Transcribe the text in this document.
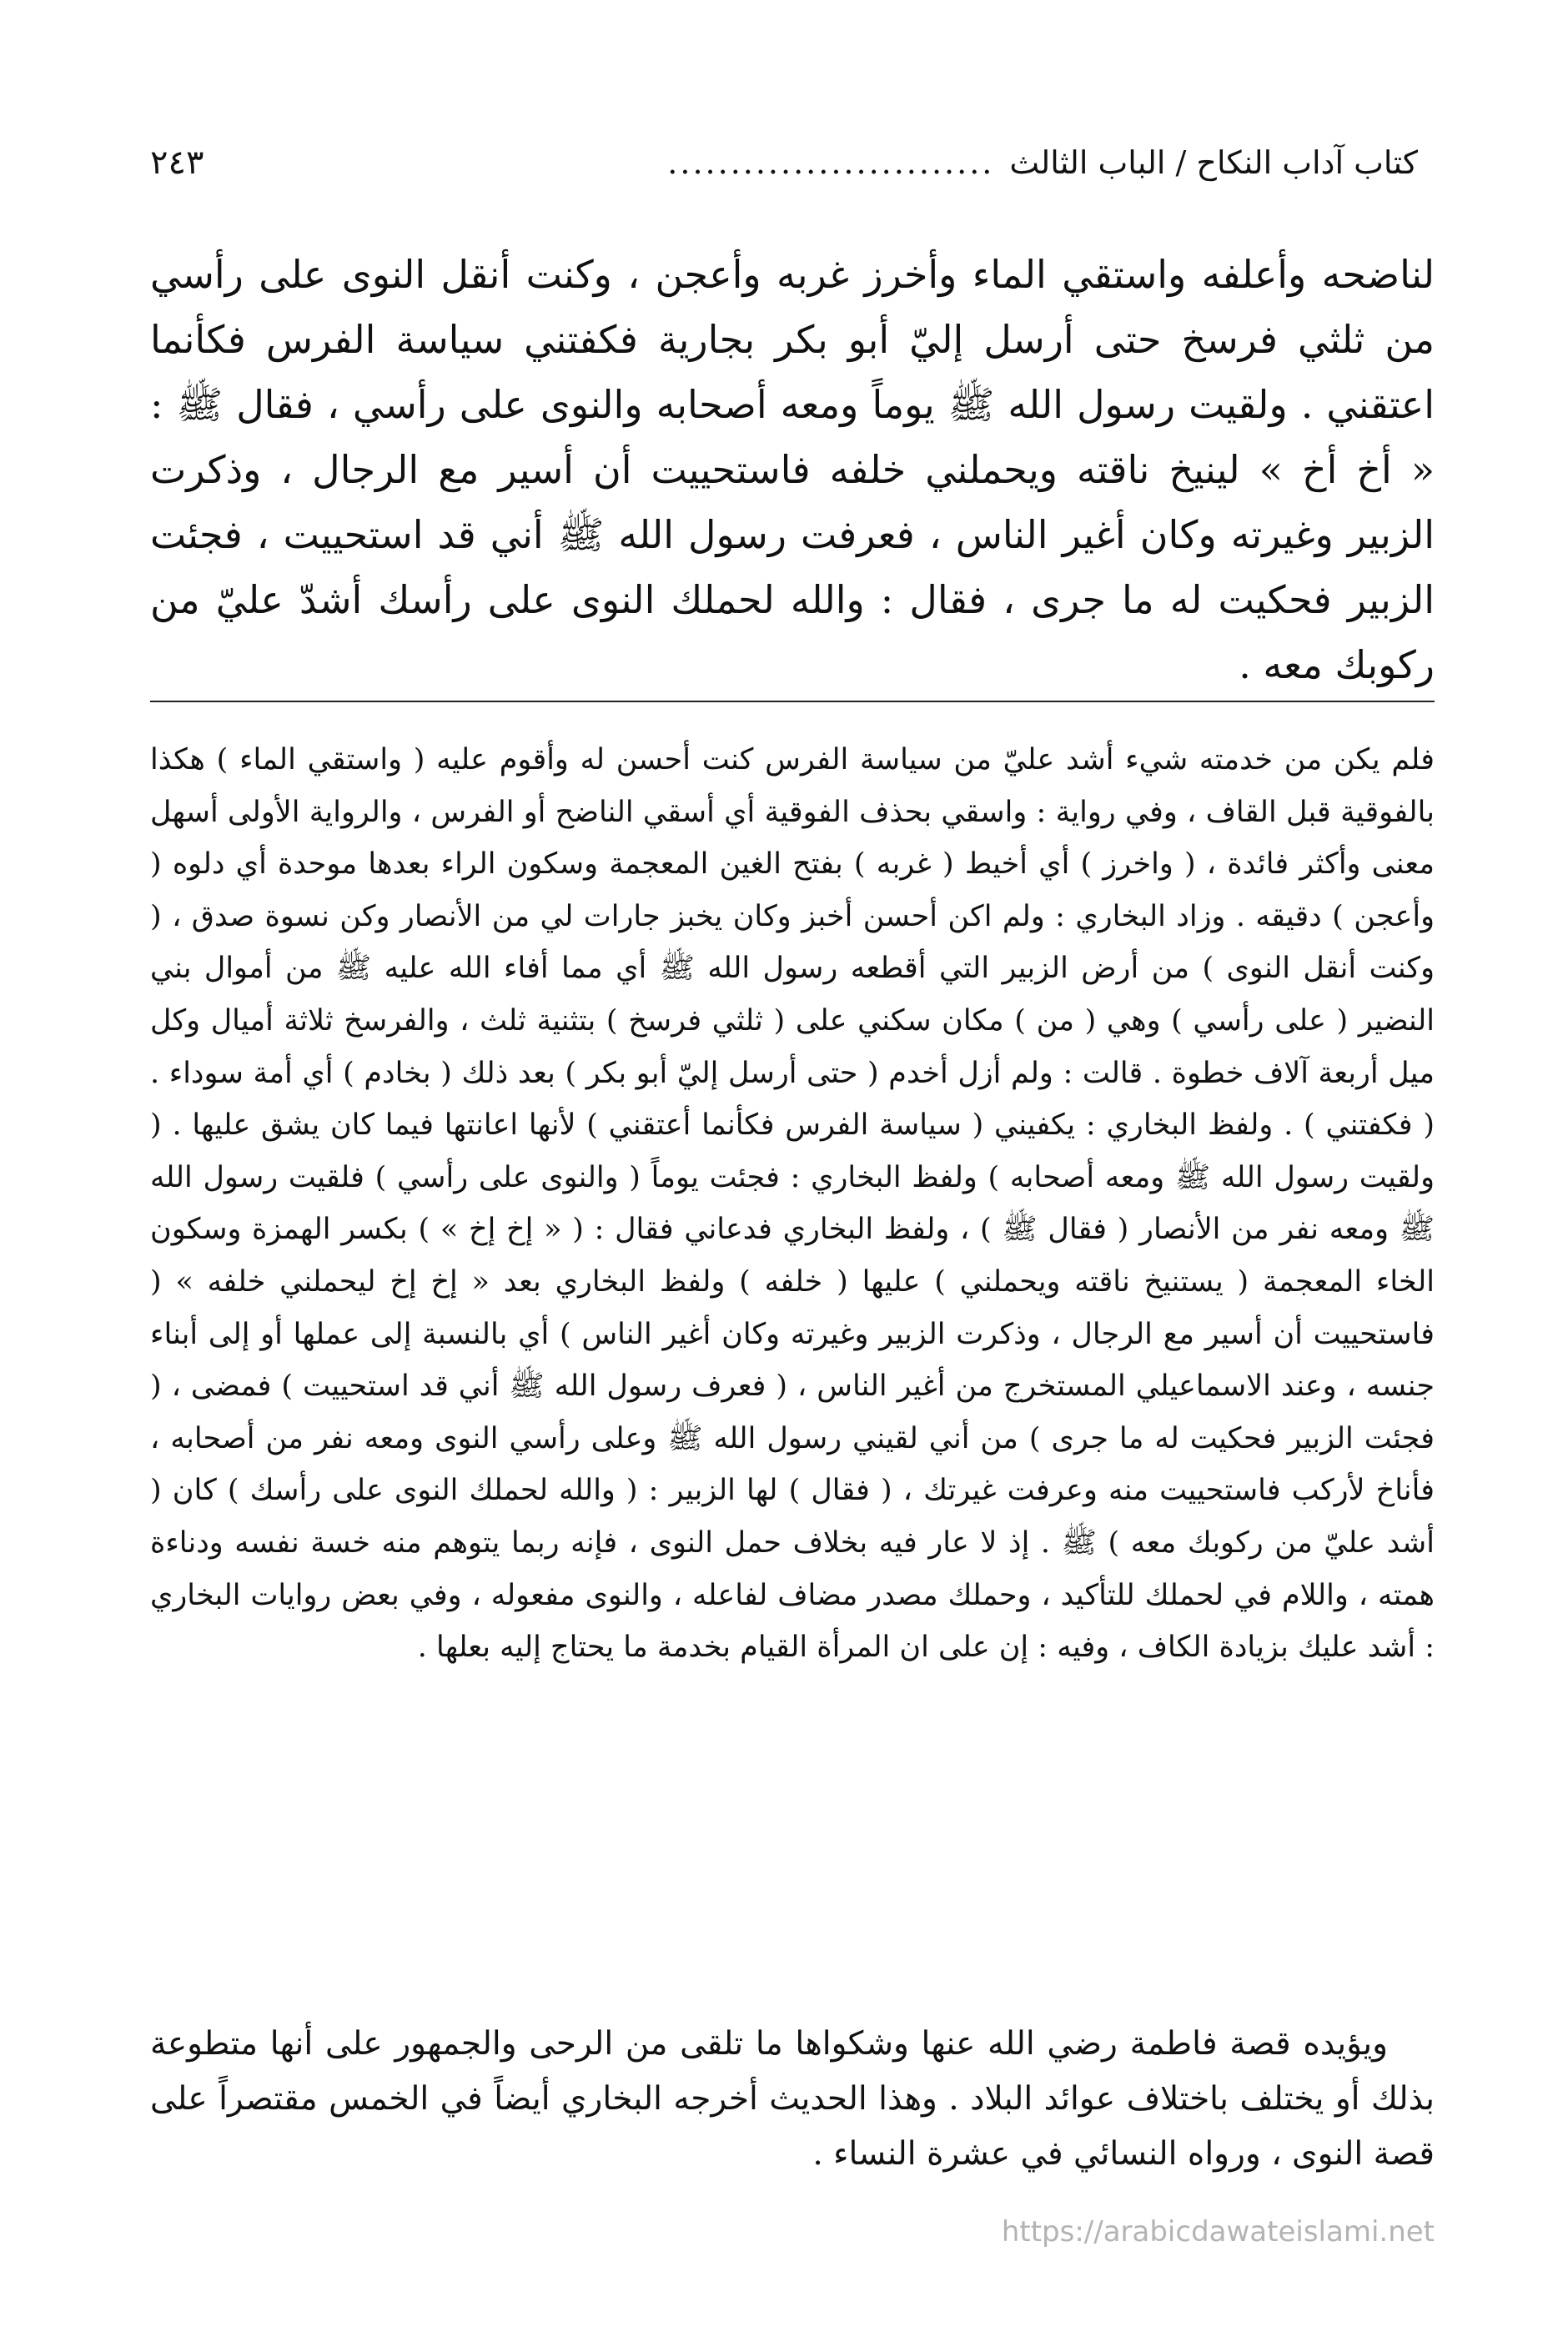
كتاب آداب النكاح / الباب الثالث
..........................
٢٤٣

لناضحه وأعلفه واستقي الماء وأخرز غربه وأعجن ، وكنت أنقل النوى على رأسي من ثلثي فرسخ حتى أرسل إليّ أبو بكر بجارية فكفتني سياسة الفرس فكأنما اعتقني . ولقيت رسول الله ﷺ يوماً ومعه أصحابه والنوى على رأسي ، فقال ﷺ : « أخ أخ » لينيخ ناقته ويحملني خلفه فاستحييت أن أسير مع الرجال ، وذكرت الزبير وغيرته وكان أغير الناس ، فعرفت رسول الله ﷺ أني قد استحييت ، فجئت الزبير فحكيت له ما جرى ، فقال : والله لحملك النوى على رأسك أشدّ عليّ من ركوبك معه .

فلم يكن من خدمته شيء أشد عليّ من سياسة الفرس كنت أحسن له وأقوم عليه ( واستقي الماء ) هكذا بالفوقية قبل القاف ، وفي رواية : واسقي بحذف الفوقية أي أسقي الناضح أو الفرس ، والرواية الأولى أسهل معنى وأكثر فائدة ، ( واخرز ) أي أخيط ( غربه ) بفتح الغين المعجمة وسكون الراء بعدها موحدة أي دلوه ( وأعجن ) دقيقه . وزاد البخاري : ولم اكن أحسن أخبز وكان يخبز جارات لي من الأنصار وكن نسوة صدق ، ( وكنت أنقل النوى ) من أرض الزبير التي أقطعه رسول الله ﷺ أي مما أفاء الله عليه ﷺ من أموال بني النضير ( على رأسي ) وهي ( من ) مكان سكني على ( ثلثي فرسخ ) بتثنية ثلث ، والفرسخ ثلاثة أميال وكل ميل أربعة آلاف خطوة . قالت : ولم أزل أخدم ( حتى أرسل إليّ أبو بكر ) بعد ذلك ( بخادم ) أي أمة سوداء . ( فكفتني ) . ولفظ البخاري : يكفيني ( سياسة الفرس فكأنما أعتقني ) لأنها اعانتها فيما كان يشق عليها . ( ولقيت رسول الله ﷺ ومعه أصحابه ) ولفظ البخاري : فجئت يوماً ( والنوى على رأسي ) فلقيت رسول الله ﷺ ومعه نفر من الأنصار ( فقال ﷺ ) ، ولفظ البخاري فدعاني فقال : ( « إخ إخ » ) بكسر الهمزة وسكون الخاء المعجمة ( يستنيخ ناقته ويحملني ) عليها ( خلفه ) ولفظ البخاري بعد « إخ إخ ليحملني خلفه » ( فاستحييت أن أسير مع الرجال ، وذكرت الزبير وغيرته وكان أغير الناس ) أي بالنسبة إلى عملها أو إلى أبناء جنسه ، وعند الاسماعيلي المستخرج من أغير الناس ، ( فعرف رسول الله ﷺ أني قد استحييت ) فمضى ، ( فجئت الزبير فحكيت له ما جرى ) من أني لقيني رسول الله ﷺ وعلى رأسي النوى ومعه نفر من أصحابه ، فأناخ لأركب فاستحييت منه وعرفت غيرتك ، ( فقال ) لها الزبير : ( والله لحملك النوى على رأسك ) كان ( أشد عليّ من ركوبك معه ) ﷺ . إذ لا عار فيه بخلاف حمل النوى ، فإنه ربما يتوهم منه خسة نفسه ودناءة همته ، واللام في لحملك للتأكيد ، وحملك مصدر مضاف لفاعله ، والنوى مفعوله ، وفي بعض روايات البخاري : أشد عليك بزيادة الكاف ، وفيه : إن على ان المرأة القيام بخدمة ما يحتاج إليه بعلها .

ويؤيده قصة فاطمة رضي الله عنها وشكواها ما تلقى من الرحى والجمهور على أنها متطوعة بذلك أو يختلف باختلاف عوائد البلاد . وهذا الحديث أخرجه البخاري أيضاً في الخمس مقتصراً على قصة النوى ، ورواه النسائي في عشرة النساء .

https://arabicdawateislami.net
